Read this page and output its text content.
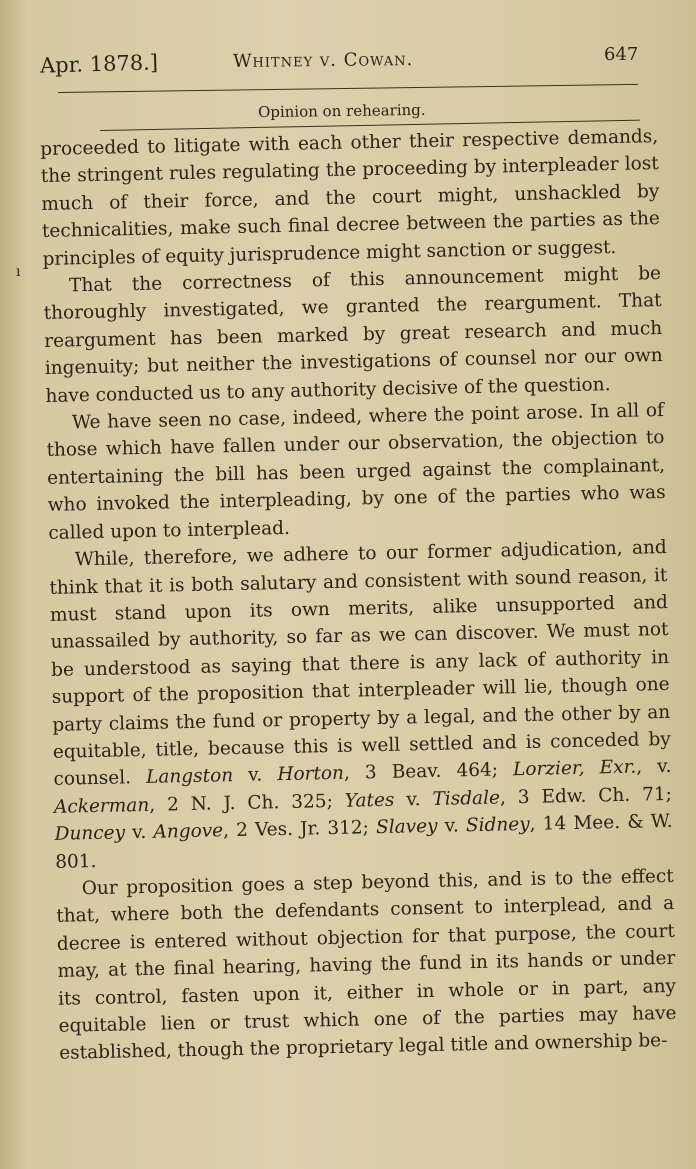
Apr. 1878.]	Whitney v. Cowan.	647
Opinion on rehearing.
ı

proceeded to litigate with each other their respective demands, the stringent rules regulating the proceeding by interpleader lost much of their force, and the court might, unshackled by technicalities, make such final decree between the parties as the principles of equity jurisprudence might sanction or suggest.

That the correctness of this announcement might be thoroughly investigated, we granted the reargument. That reargument has been marked by great research and much ingenuity; but neither the investigations of counsel nor our own have conducted us to any authority decisive of the question.

We have seen no case, indeed, where the point arose. In all of those which have fallen under our observation, the objection to entertaining the bill has been urged against the complainant, who invoked the interpleading, by one of the parties who was called upon to interplead.

While, therefore, we adhere to our former adjudication, and think that it is both salutary and consistent with sound reason, it must stand upon its own merits, alike unsupported and unassailed by authority, so far as we can discover. We must not be understood as saying that there is any lack of authority in support of the proposition that interpleader will lie, though one party claims the fund or property by a legal, and the other by an equitable, title, because this is well settled and is conceded by counsel. Langston v. Horton, 3 Beav. 464; Lorzier, Exr., v. Ackerman, 2 N. J. Ch. 325; Yates v. Tisdale, 3 Edw. Ch. 71; Duncey v. Angove, 2 Ves. Jr. 312; Slavey v. Sidney, 14 Mee. & W. 801.

Our proposition goes a step beyond this, and is to the effect that, where both the defendants consent to interplead, and a decree is entered without objection for that purpose, the court may, at the final hearing, having the fund in its hands or under its control, fasten upon it, either in whole or in part, any equitable lien or trust which one of the parties may have established, though the proprietary legal title and ownership be-
